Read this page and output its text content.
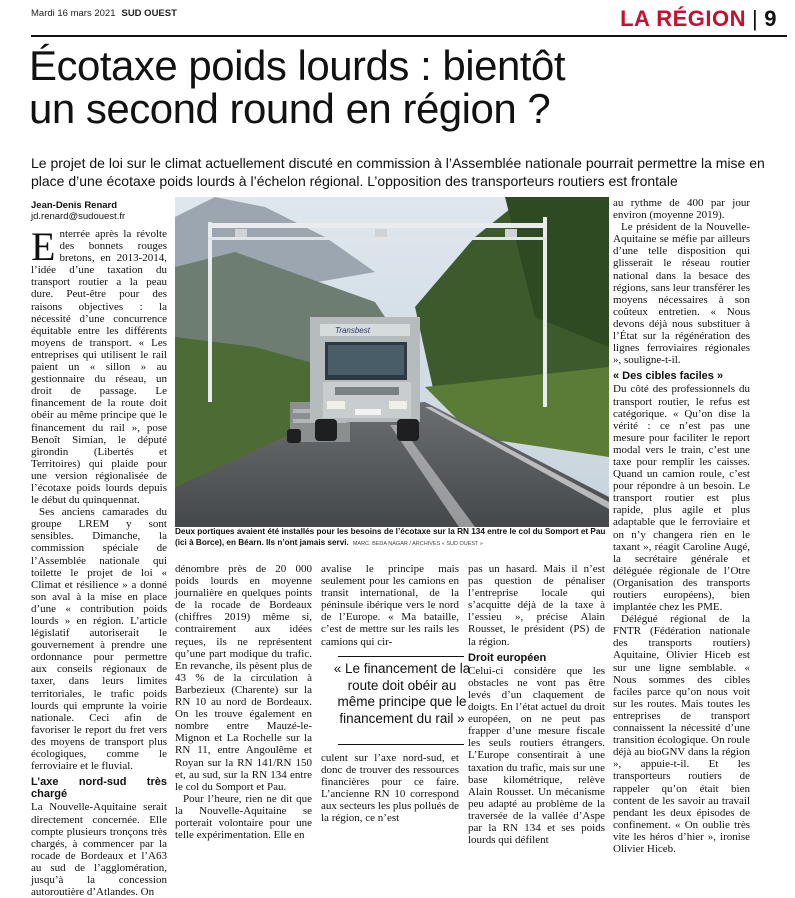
Mardi 16 mars 2021 SUD OUEST	LA RÉGION | 9
Écotaxe poids lourds : bientôt
un second round en région ?
Le projet de loi sur le climat actuellement discuté en commission à l’Assemblée nationale pourrait permettre la mise en place d’une écotaxe poids lourds à l’échelon régional. L’opposition des transporteurs routiers est frontale
Jean-Denis Renard
jd.renard@sudouest.fr

Enterrée après la révolte des bonnets rouges bretons, en 2013-2014, l’idée d’une taxation du transport routier a la peau dure. Peut-être pour des raisons objectives : la nécessité d’une concurrence équitable entre les différents moyens de transport. « Les entreprises qui utilisent le rail paient un « sillon » au gestionnaire du réseau, un droit de passage. Le financement de la route doit obéir au même principe que le financement du rail », pose Benoît Simian, le député girondin (Libertés et Territoires) qui plaide pour une version régionalisée de l’écotaxe poids lourds depuis le début du quinquennat.

Ses anciens camarades du groupe LREM y sont sensibles. Dimanche, la commission spéciale de l’Assemblée nationale qui toilette le projet de loi « Climat et résilience » a donné son aval à la mise en place d’une « contribution poids lourds » en région. L’article législatif autoriserait le gouvernement à prendre une ordonnance pour permettre aux conseils régionaux de taxer, dans leurs limites territoriales, le trafic poids lourds qui emprunte la voirie nationale. Ceci afin de favoriser le report du fret vers des moyens de transport plus écologiques, comme le ferroviaire et le fluvial.

L’axe nord-sud très chargé

La Nouvelle-Aquitaine serait directement concernée. Elle compte plusieurs tronçons très chargés, à commencer par la rocade de Bordeaux et l’A63 au sud de l’agglomération, jusqu’à la concession autoroutière d’Atlandes. On

Transbest
Deux portiques avaient été installés pour les besoins de l’écotaxe sur la RN 134 entre le col du Somport et Pau (ici à Borce), en Béarn. Ils n’ont jamais servi. MARC. BEDA NAGAR / ARCHIVES « SUD OUEST »

dénombre près de 20 000 poids lourds en moyenne journalière en quelques points de la rocade de Bordeaux (chiffres 2019) même si, contrairement aux idées reçues, ils ne représentent qu’une part modique du trafic. En revanche, ils pèsent plus de 43 % de la circulation à Barbezieux (Charente) sur la RN 10 au nord de Bordeaux. On les trouve également en nombre entre Mauzé-le-Mignon et La Rochelle sur la RN 11, entre Angoulême et Royan sur la RN 141/RN 150 et, au sud, sur la RN 134 entre le col du Somport et Pau.

Pour l’heure, rien ne dit que la Nouvelle-Aquitaine se porterait volontaire pour une telle expérimentation. Elle en

avalise le principe mais seulement pour les camions en transit international, de la péninsule ibérique vers le nord de l’Europe. « Ma bataille, c’est de mettre sur les rails les camions qui cir-

« Le financement de la route doit obéir au même principe que le financement du rail »

culent sur l’axe nord-sud, et donc de trouver des ressources financières pour ce faire. L’ancienne RN 10 correspond aux secteurs les plus pollués de la région, ce n’est

pas un hasard. Mais il n’est pas question de pénaliser l’entreprise locale qui s’acquitte déjà de la taxe à l’essieu », précise Alain Rousset, le président (PS) de la région.

Droit européen

Celui-ci considère que les obstacles ne vont pas être levés d’un claquement de doigts. En l’état actuel du droit européen, on ne peut pas frapper d’une mesure fiscale les seuls routiers étrangers. L’Europe consentirait à une taxation du trafic, mais sur une base kilométrique, relève Alain Rousset. Un mécanisme peu adapté au problème de la traversée de la vallée d’Aspe par la RN 134 et ses poids lourds qui défilent

au rythme de 400 par jour environ (moyenne 2019).

Le président de la Nouvelle-Aquitaine se méfie par ailleurs d’une telle disposition qui glisserait le réseau routier national dans la besace des régions, sans leur transférer les moyens nécessaires à son coûteux entretien. « Nous devons déjà nous substituer à l’État sur la régénération des lignes ferroviaires régionales », souligne-t-il.

« Des cibles faciles »

Du côté des professionnels du transport routier, le refus est catégorique. « Qu’on dise la vérité : ce n’est pas une mesure pour faciliter le report modal vers le train, c’est une taxe pour remplir les caisses. Quand un camion roule, c’est pour répondre à un besoin. Le transport routier est plus rapide, plus agile et plus adaptable que le ferroviaire et on n’y changera rien en le taxant », réagit Caroline Augé, la secrétaire générale et déléguée régionale de l’Otre (Organisation des transports routiers européens), bien implantée chez les PME.

Délégué régional de la FNTR (Fédération nationale des transports routiers) Aquitaine, Olivier Hiceb est sur une ligne semblable. « Nous sommes des cibles faciles parce qu’on nous voit sur les routes. Mais toutes les entreprises de transport connaissent la nécessité d’une transition écologique. On roule déjà au bioGNV dans la région », appuie-t-il. Et les transporteurs routiers de rappeler qu’on était bien content de les savoir au travail pendant les deux épisodes de confinement. « On oublie très vite les héros d’hier », ironise Olivier Hiceb.
